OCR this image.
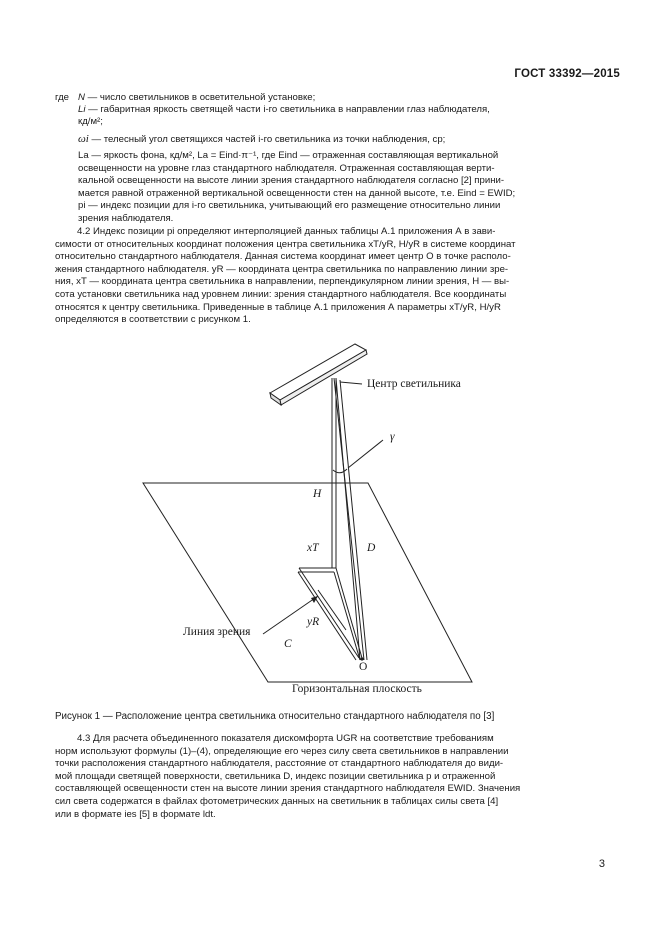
ГОСТ 33392—2015
где N — число светильников в осветительной установке;
Li — габаритная яркость светящей части i-го светильника в направлении глаз наблюдателя,
кд/м²;
ωi — телесный угол светящихся частей i-го светильника из точки наблюдения, ср;
La — яркость фона, кд/м², La = Eind·π⁻¹, где Eind — отраженная составляющая вертикальной
освещенности на уровне глаз стандартного наблюдателя. Отраженная составляющая верти-
кальной освещенности на высоте линии зрения стандартного наблюдателя согласно [2] прини-
мается равной отраженной вертикальной освещенности стен на данной высоте, т.е. Eind = EWID;
pi — индекс позиции для i-го светильника, учитывающий его размещение относительно линии
зрения наблюдателя.
4.2 Индекс позиции pi определяют интерполяцией данных таблицы А.1 приложения А в зави-
симости от относительных координат положения центра светильника xT/yR, H/yR в системе координат
относительно стандартного наблюдателя. Данная система координат имеет центр О в точке располо-
жения стандартного наблюдателя. yR — координата центра светильника по направлению линии зре-
ния, xT — координата центра светильника в направлении, перпендикулярном линии зрения, H — вы-
сота установки светильника над уровнем линии: зрения стандартного наблюдателя. Все координаты
относятся к центру светильника. Приведенные в таблице А.1 приложения А параметры xT/yR, H/yR
определяются в соответствии с рисунком 1.
Центр светильника
γ
H
D
xT
yR
Линия зрения
C
O
Горизонтальная плоскость
Рисунок 1 — Расположение центра светильника относительно стандартного наблюдателя по [3]
4.3 Для расчета объединенного показателя дискомфорта UGR на соответствие требованиям
норм используют формулы (1)–(4), определяющие его через силу света светильников в направлении
точки расположения стандартного наблюдателя, расстояние от стандартного наблюдателя до види-
мой площади светящей поверхности, светильника D, индекс позиции светильника p и отраженной
составляющей освещенности стен на высоте линии зрения стандартного наблюдателя EWID. Значения
сил света содержатся в файлах фотометрических данных на светильник в таблицах силы света [4]
или в формате ies [5] в формате ldt.
3
